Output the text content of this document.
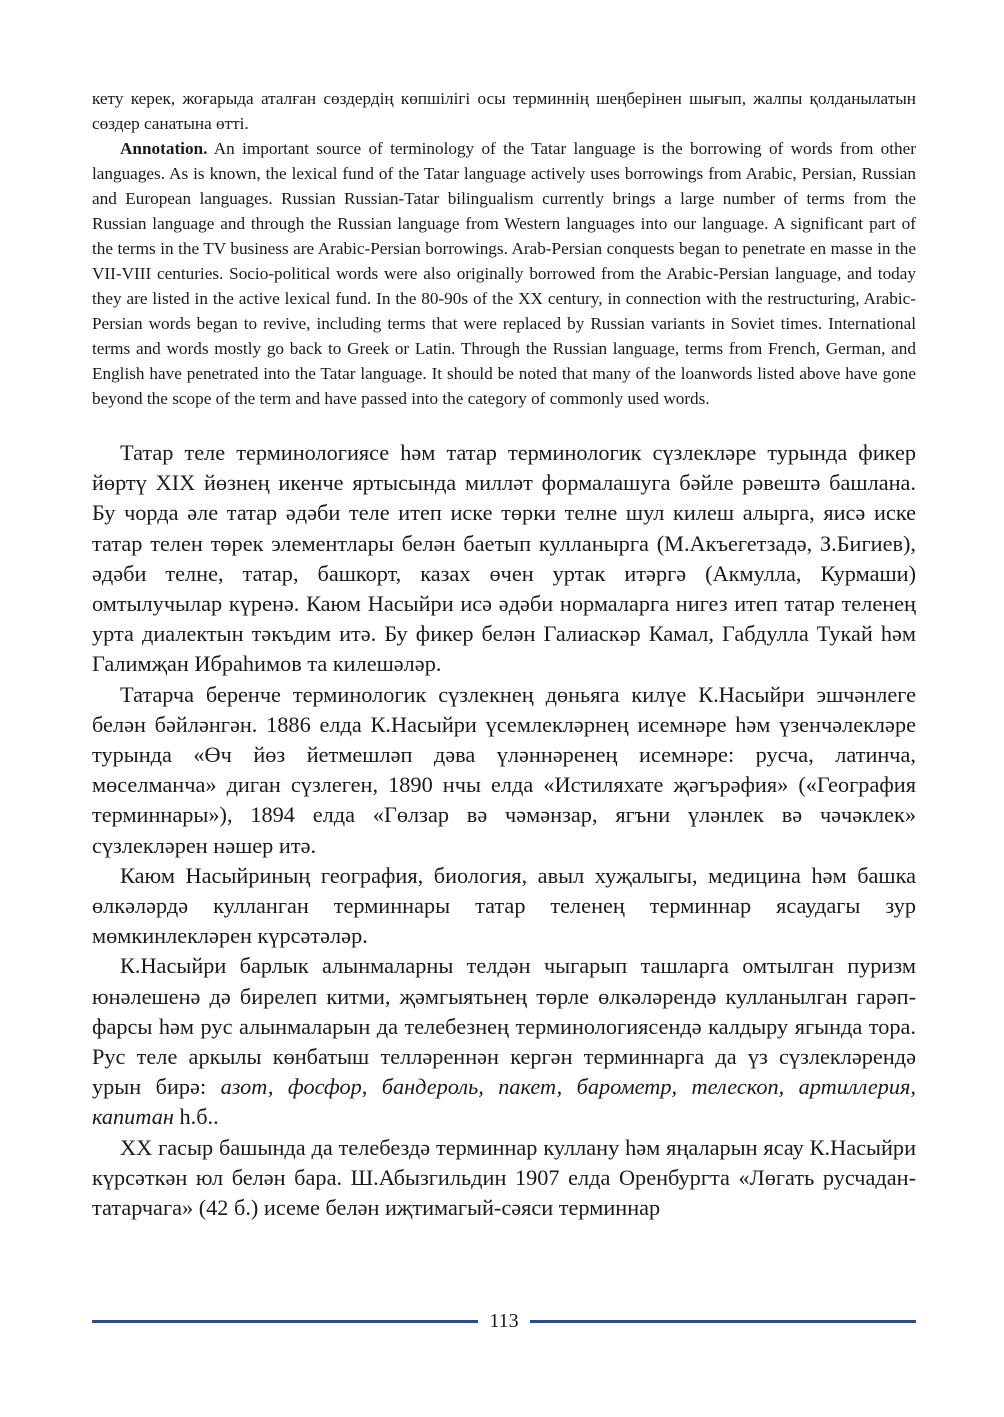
кету керек, жоғарыда аталған сөздердің көпшілігі осы терминнің шеңберінен шығып, жалпы қолданылатын сөздер санатына өтті.

Annotation. An important source of terminology of the Tatar language is the borrowing of words from other languages. As is known, the lexical fund of the Tatar language actively uses borrowings from Arabic, Persian, Russian and European languages. Russian Russian-Tatar bilingualism currently brings a large number of terms from the Russian language and through the Russian language from Western languages into our language. A significant part of the terms in the TV business are Arabic-Persian borrowings. Arab-Persian conquests began to penetrate en masse in the VII-VIII centuries. Socio-political words were also originally borrowed from the Arabic-Persian language, and today they are listed in the active lexical fund. In the 80-90s of the XX century, in connection with the restructuring, Arabic-Persian words began to revive, including terms that were replaced by Russian variants in Soviet times. International terms and words mostly go back to Greek or Latin. Through the Russian language, terms from French, German, and English have penetrated into the Tatar language. It should be noted that many of the loanwords listed above have gone beyond the scope of the term and have passed into the category of commonly used words.

Татар теле терминологиясе һәм татар терминологик сүзлекләре турында фикер йөртү XIX йөзнең икенче яртысында милләт формалашуга бәйле рәвештә башлана. Бу чорда әле татар әдәби теле итеп иске төрки телне шул килеш алырга, яисә иске татар телен төрек элементлары белән баетып кулланырга (М.Акъегетзадә, З.Бигиев), әдәби телне, татар, башкорт, казах өчен уртак итәргә (Акмулла, Курмаши) омтылучылар күренә. Каюм Насыйри исә әдәби нормаларга нигез итеп татар теленең урта диалектын тәкъдим итә. Бу фикер белән Галиаскәр Камал, Габдулла Тукай һәм Галимҗан Ибраһимов та килешәләр.

Татарча беренче терминологик сүзлекнең дөньяга килүе К.Насыйри эшчәнлеге белән бәйләнгән. 1886 елда К.Насыйри үсемлекләрнең исемнәре һәм үзенчәлекләре турында «Өч йөз йетмешләп дәва үләннәренең исемнәре: русча, латинча, мөселманча» диган сүзлеген, 1890 нчы елда «Истиляхате җәгърәфия» («География терминнары»), 1894 елда «Гөлзар вә чәмәнзар, ягъни үләнлек вә чәчәклек» сүзлекләрен нәшер итә.

Каюм Насыйриның география, биология, авыл хуҗалыгы, медицина һәм башка өлкәләрдә кулланган терминнары татар теленең терминнар ясаудагы зур мөмкинлекләрен күрсәтәләр.

К.Насыйри барлык алынмаларны телдән чыгарып ташларга омтылган пуризм юнәлешенә дә бирелеп китми, җәмгыятьнең төрле өлкәләрендә кулланылган гарәп-фарсы һәм рус алынмаларын да телебезнең терминологиясендә калдыру ягында тора. Рус теле аркылы көнбатыш телләреннән кергән терминнарга да үз сүзлекләрендә урын бирә: азот, фосфор, бандероль, пакет, барометр, телескоп, артиллерия, капитан һ.б..

XX гасыр башында да телебездә терминнар куллану һәм яңаларын ясау К.Насыйри күрсәткән юл белән бара. Ш.Абызгильдин 1907 елда Оренбургта «Лөгать русчадан-татарчага» (42 б.) исеме белән иҗтимагый-сәяси терминнар

113
